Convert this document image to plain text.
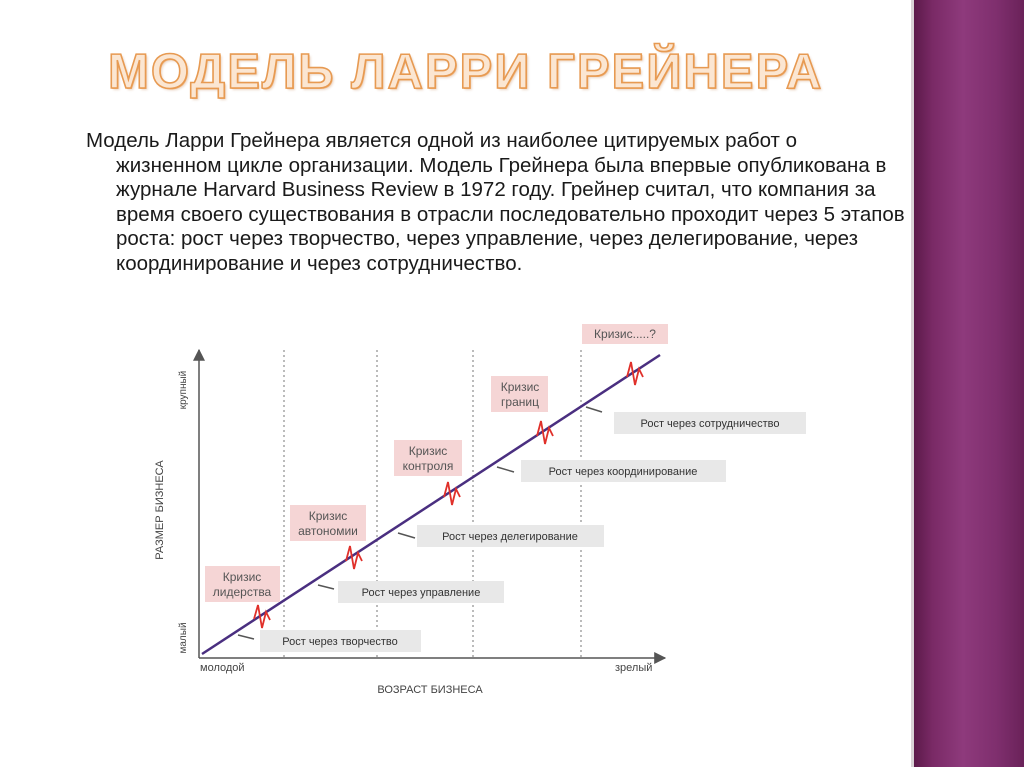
МОДЕЛЬ ЛАРРИ ГРЕЙНЕРА

Модель Ларри Грейнера является одной из наиболее цитируемых работ о жизненном цикле организации. Модель Грейнера была впервые опубликована в журнале Harvard Business Review в 1972 году. Грейнер считал, что компания за время своего существования в отрасли последовательно проходит через 5 этапов роста: рост через творчество, через управление, через делегирование, через координирование и через сотрудничество.

РАЗМЕР БИЗНЕСА
крупный
малый
молодой	зрелый
ВОЗРАСТ БИЗНЕСА
Рост через творчество
Рост через управление
Рост через делегирование
Рост через координирование
Рост через сотрудничество
Кризис
лидерства
Кризис
автономии
Кризис
контроля
Кризис
границ
Кризис.....?
